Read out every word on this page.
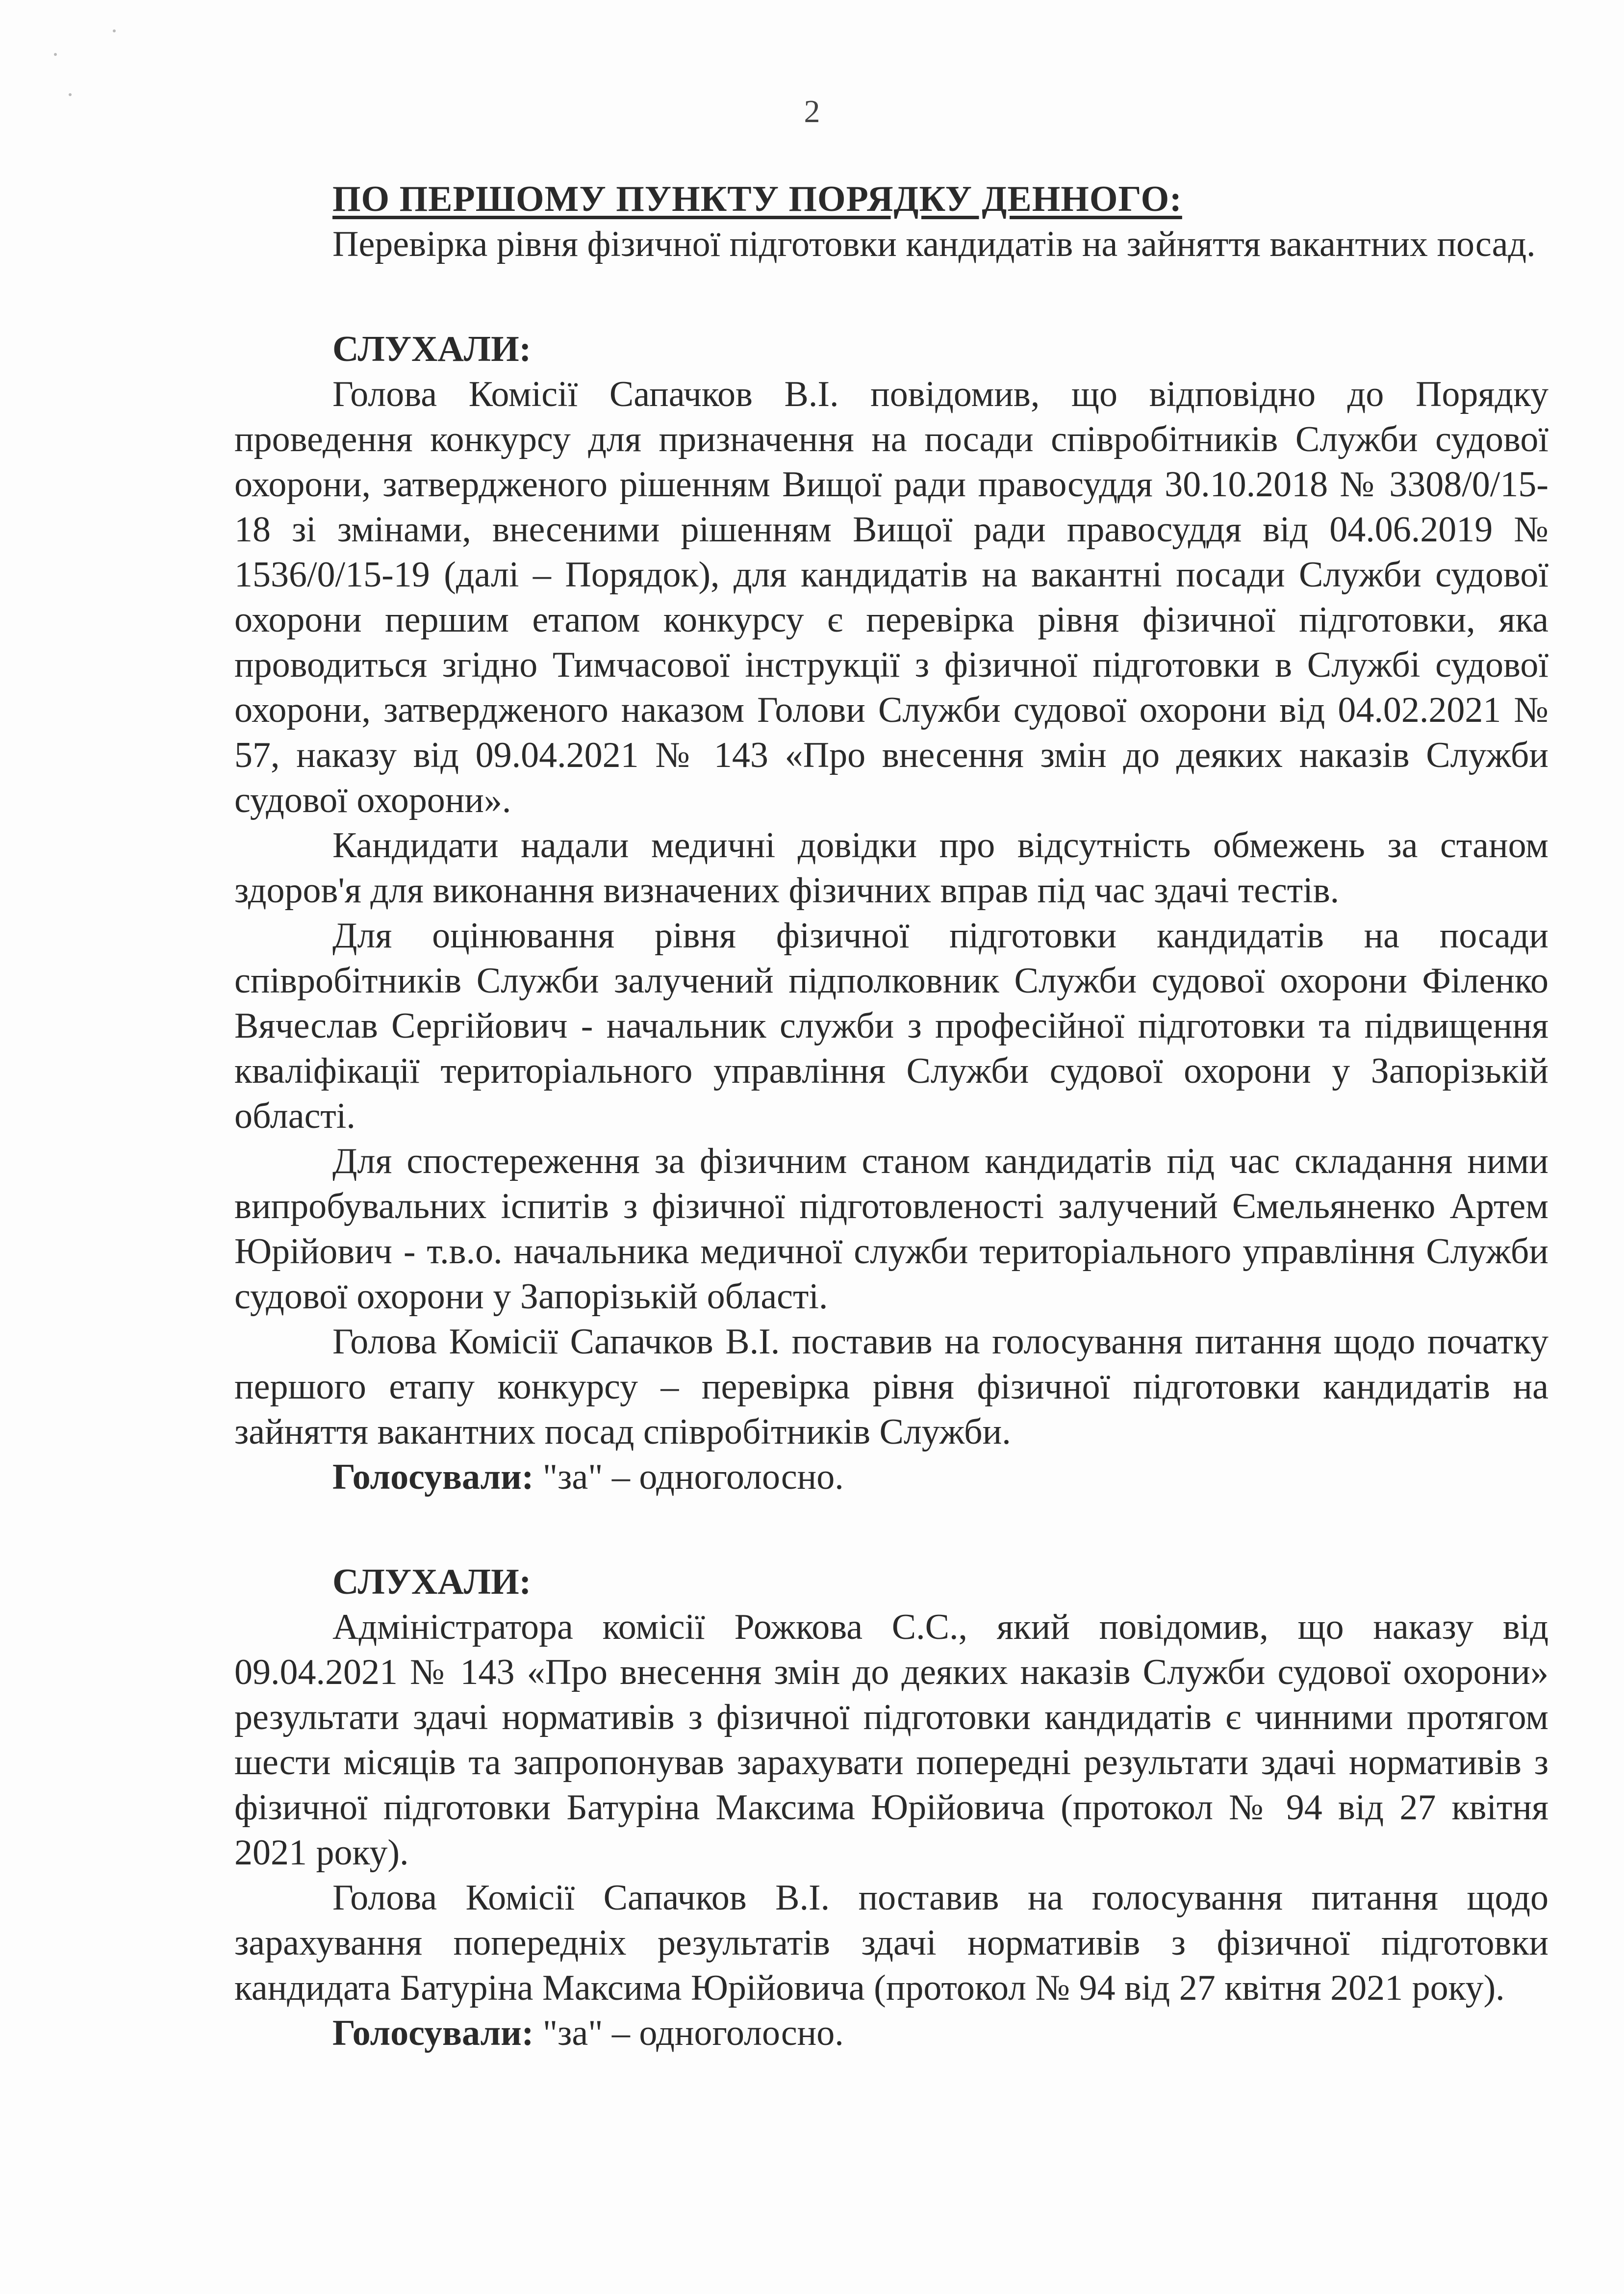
2
ПО ПЕРШОМУ ПУНКТУ ПОРЯДКУ ДЕННОГО:

Перевірка рівня фізичної підготовки кандидатів на зайняття вакантних посад.

СЛУХАЛИ:

Голова Комісії Сапачков В.І. повідомив, що відповідно до Порядку проведення конкурсу для призначення на посади співробітників Служби судової охорони, затвердженого рішенням Вищої ради правосуддя 30.10.2018 № 3308/0/15-18 зі змінами, внесеними рішенням Вищої ради правосуддя від 04.06.2019 № 1536/0/15-19 (далі – Порядок), для кандидатів на вакантні посади Служби судової охорони першим етапом конкурсу є перевірка рівня фізичної підготовки, яка проводиться згідно Тимчасової інструкції з фізичної підготовки в Службі судової охорони, затвердженого наказом Голови Служби судової охорони від 04.02.2021 № 57, наказу від 09.04.2021 № 143 «Про внесення змін до деяких наказів Служби судової охорони».

Кандидати надали медичні довідки про відсутність обмежень за станом здоров'я для виконання визначених фізичних вправ під час здачі тестів.

Для оцінювання рівня фізичної підготовки кандидатів на посади співробітників Служби залучений підполковник Служби судової охорони Філенко Вячеслав Сергійович - начальник служби з професійної підготовки та підвищення кваліфікації територіального управління Служби судової охорони у Запорізькій області.

Для спостереження за фізичним станом кандидатів під час складання ними випробувальних іспитів з фізичної підготовленості залучений Ємельяненко Артем Юрійович - т.в.о. начальника медичної служби територіального управління Служби судової охорони у Запорізькій області.

Голова Комісії Сапачков В.І. поставив на голосування питання щодо початку першого етапу конкурсу – перевірка рівня фізичної підготовки кандидатів на зайняття вакантних посад співробітників Служби.

Голосували: "за" – одноголосно.

СЛУХАЛИ:

Адміністратора комісії Рожкова С.С., який повідомив, що наказу від 09.04.2021 № 143 «Про внесення змін до деяких наказів Служби судової охорони» результати здачі нормативів з фізичної підготовки кандидатів є чинними протягом шести місяців та запропонував зарахувати попередні результати здачі нормативів з фізичної підготовки Батуріна Максима Юрійовича (протокол № 94 від 27 квітня 2021 року).

Голова Комісії Сапачков В.І. поставив на голосування питання щодо зарахування попередніх результатів здачі нормативів з фізичної підготовки кандидата Батуріна Максима Юрійовича (протокол № 94 від 27 квітня 2021 року).

Голосували: "за" – одноголосно.
